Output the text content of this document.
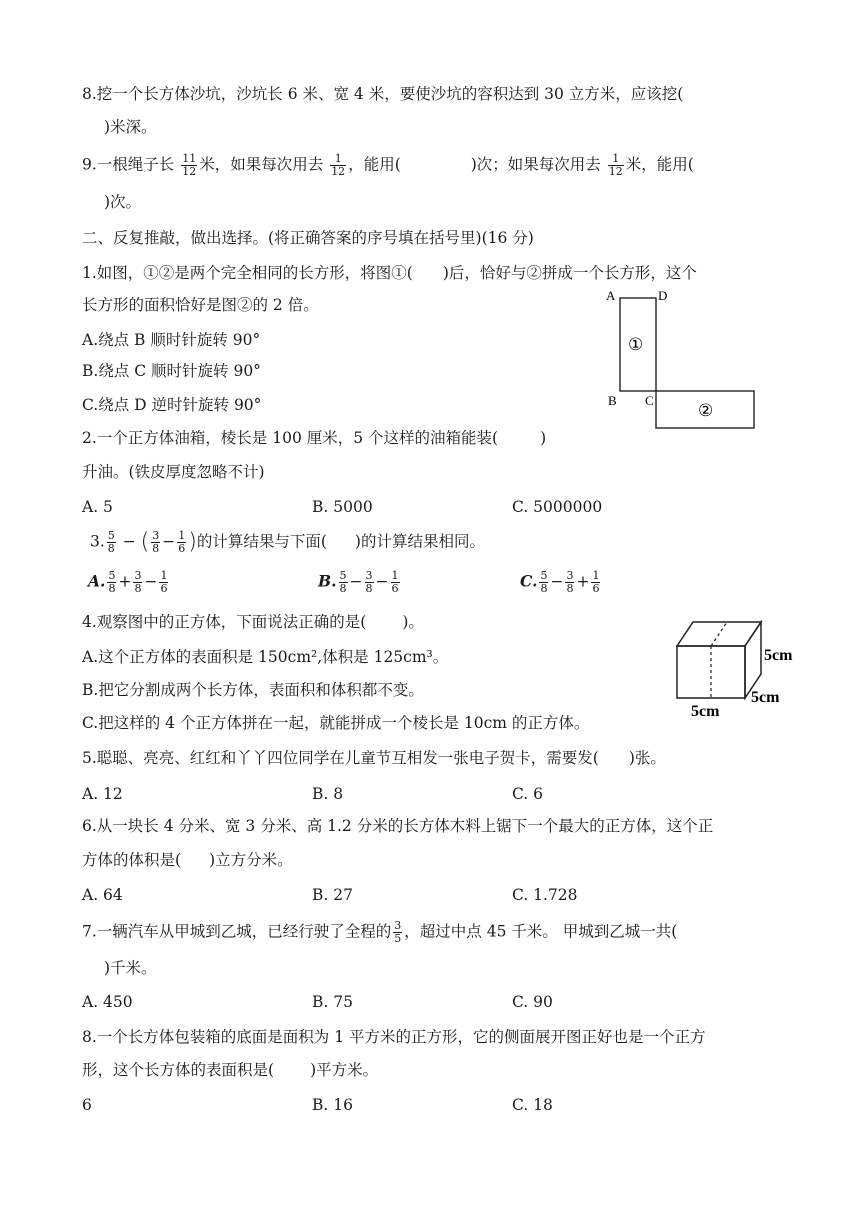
8.挖一个长方体沙坑，沙坑长 6 米、宽 4 米，要使沙坑的容积达到 30 立方米，应该挖(
)米深。
9.一根绳子长 $\frac{11}{12}$ 米，如果每次用去 $\frac{1}{12}$ ，能用(	)次；如果每次用去 $\frac{1}{12}$ 米，能用(
)次。
二、反复推敲，做出选择。(将正确答案的序号填在括号里)(16 分)
1.如图，①②是两个完全相同的长方形，将图①( )后，恰好与②拼成一个长方形，这个
长方形的面积恰好是图②的 2 倍。
A.绕点 B 顺时针旋转 90°
B.绕点 C 顺时针旋转 90°
C.绕点 D 逆时针旋转 90°
A	D
B C
①
②
2.一个正方体油箱，棱长是 100 厘米，5 个这样的油箱能装(	)
升油。(铁皮厚度忽略不计)
A. 5	B. 5000	C. 5000000
3. $\frac{5}{8}$ − ( $\frac{3}{8} - \frac{1}{6}$ )的计算结果与下面( )的计算结果相同。
A. $\frac{5}{8} + \frac{3}{8} - \frac{1}{6}$	B. $\frac{5}{8} - \frac{3}{8} - \frac{1}{6}$	C. $\frac{5}{8} - \frac{3}{8} + \frac{1}{6}$
4.观察图中的正方体，下面说法正确的是( )。
A.这个正方体的表面积是 150cm²,体积是 125cm³。
B.把它分割成两个长方体，表面积和体积都不变。
C.把这样的 4 个正方体拼在一起，就能拼成一个棱长是 10cm 的正方体。
5cm
5cm
5cm
5.聪聪、亮亮、红红和丫丫四位同学在儿童节互相发一张电子贺卡，需要发( )张。
A. 12	B. 8	C. 6
6.从一块长 4 分米、宽 3 分米、高 1.2 分米的长方体木料上锯下一个最大的正方体，这个正
方体的体积是( )立方分米。
A. 64	B. 27	C. 1.728
7.一辆汽车从甲城到乙城，已经行驶了全程的 $\frac{3}{5}$ ，超过中点 45 千米。 甲城到乙城一共(
)千米。
A. 450	B. 75	C. 90
8.一个长方体包装箱的底面是面积为 1 平方米的正方形，它的侧面展开图正好也是一个正方
形，这个长方体的表面积是( )平方米。
6	B. 16	C. 18
